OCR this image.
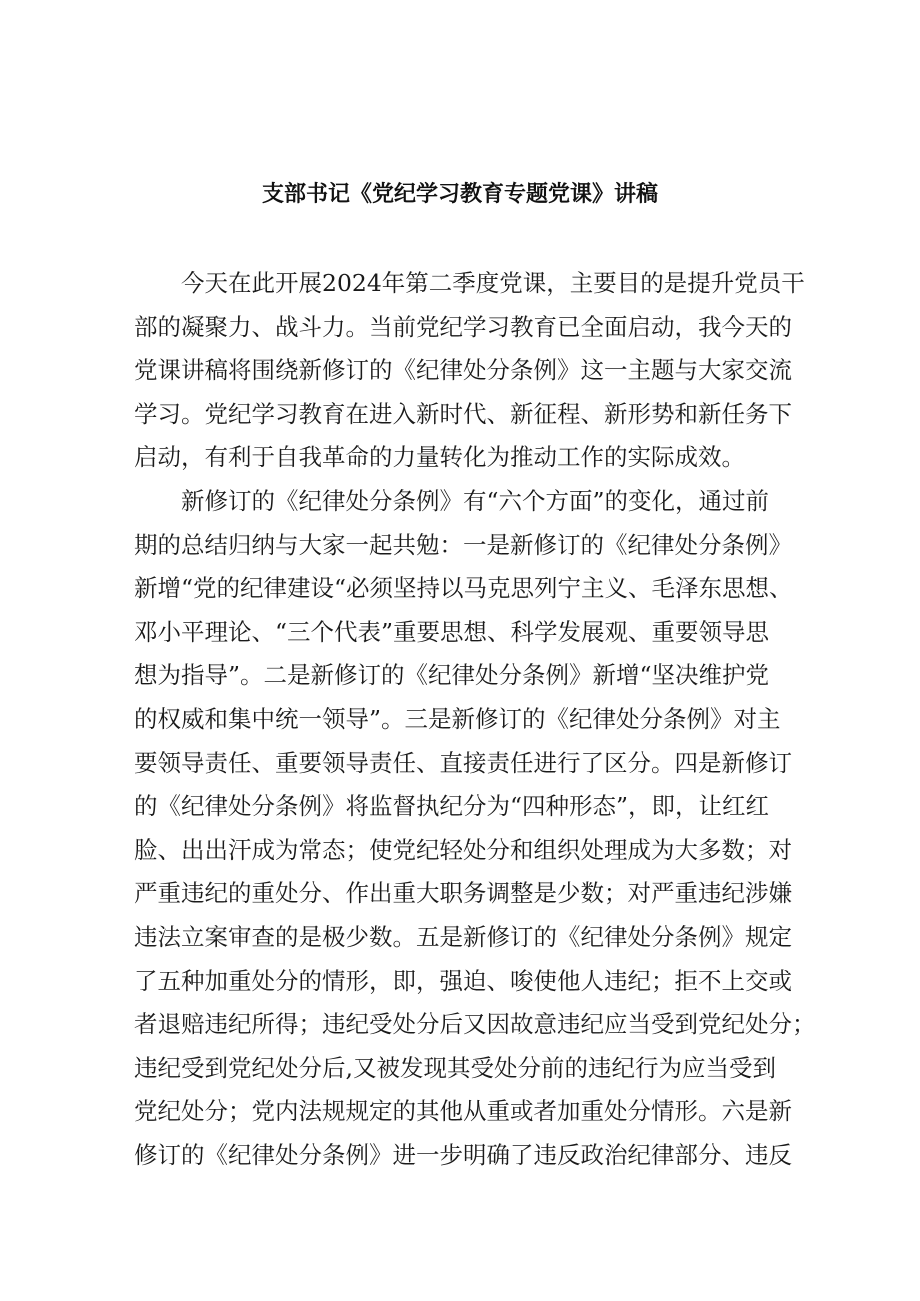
支部书记《党纪学习教育专题党课》讲稿
今天在此开展2024年第二季度党课，主要目的是提升党员干
部的凝聚力、战斗力。当前党纪学习教育已全面启动，我今天的
党课讲稿将围绕新修订的《纪律处分条例》这一主题与大家交流
学习。党纪学习教育在进入新时代、新征程、新形势和新任务下
启动，有利于自我革命的力量转化为推动工作的实际成效。
新修订的《纪律处分条例》有“六个方面”的变化，通过前
期的总结归纳与大家一起共勉：一是新修订的《纪律处分条例》
新增“党的纪律建设“必须坚持以马克思列宁主义、毛泽东思想、
邓小平理论、“三个代表”重要思想、科学发展观、重要领导思
想为指导”。二是新修订的《纪律处分条例》新增“坚决维护党
的权威和集中统一领导”。三是新修订的《纪律处分条例》对主
要领导责任、重要领导责任、直接责任进行了区分。四是新修订
的《纪律处分条例》将监督执纪分为“四种形态”，即，让红红
脸、出出汗成为常态；使党纪轻处分和组织处理成为大多数；对
严重违纪的重处分、作出重大职务调整是少数；对严重违纪涉嫌
违法立案审查的是极少数。五是新修订的《纪律处分条例》规定
了五种加重处分的情形，即，强迫、唆使他人违纪；拒不上交或
者退赔违纪所得；违纪受处分后又因故意违纪应当受到党纪处分；
违纪受到党纪处分后,又被发现其受处分前的违纪行为应当受到
党纪处分；党内法规规定的其他从重或者加重处分情形。六是新
修订的《纪律处分条例》进一步明确了违反政治纪律部分、违反
